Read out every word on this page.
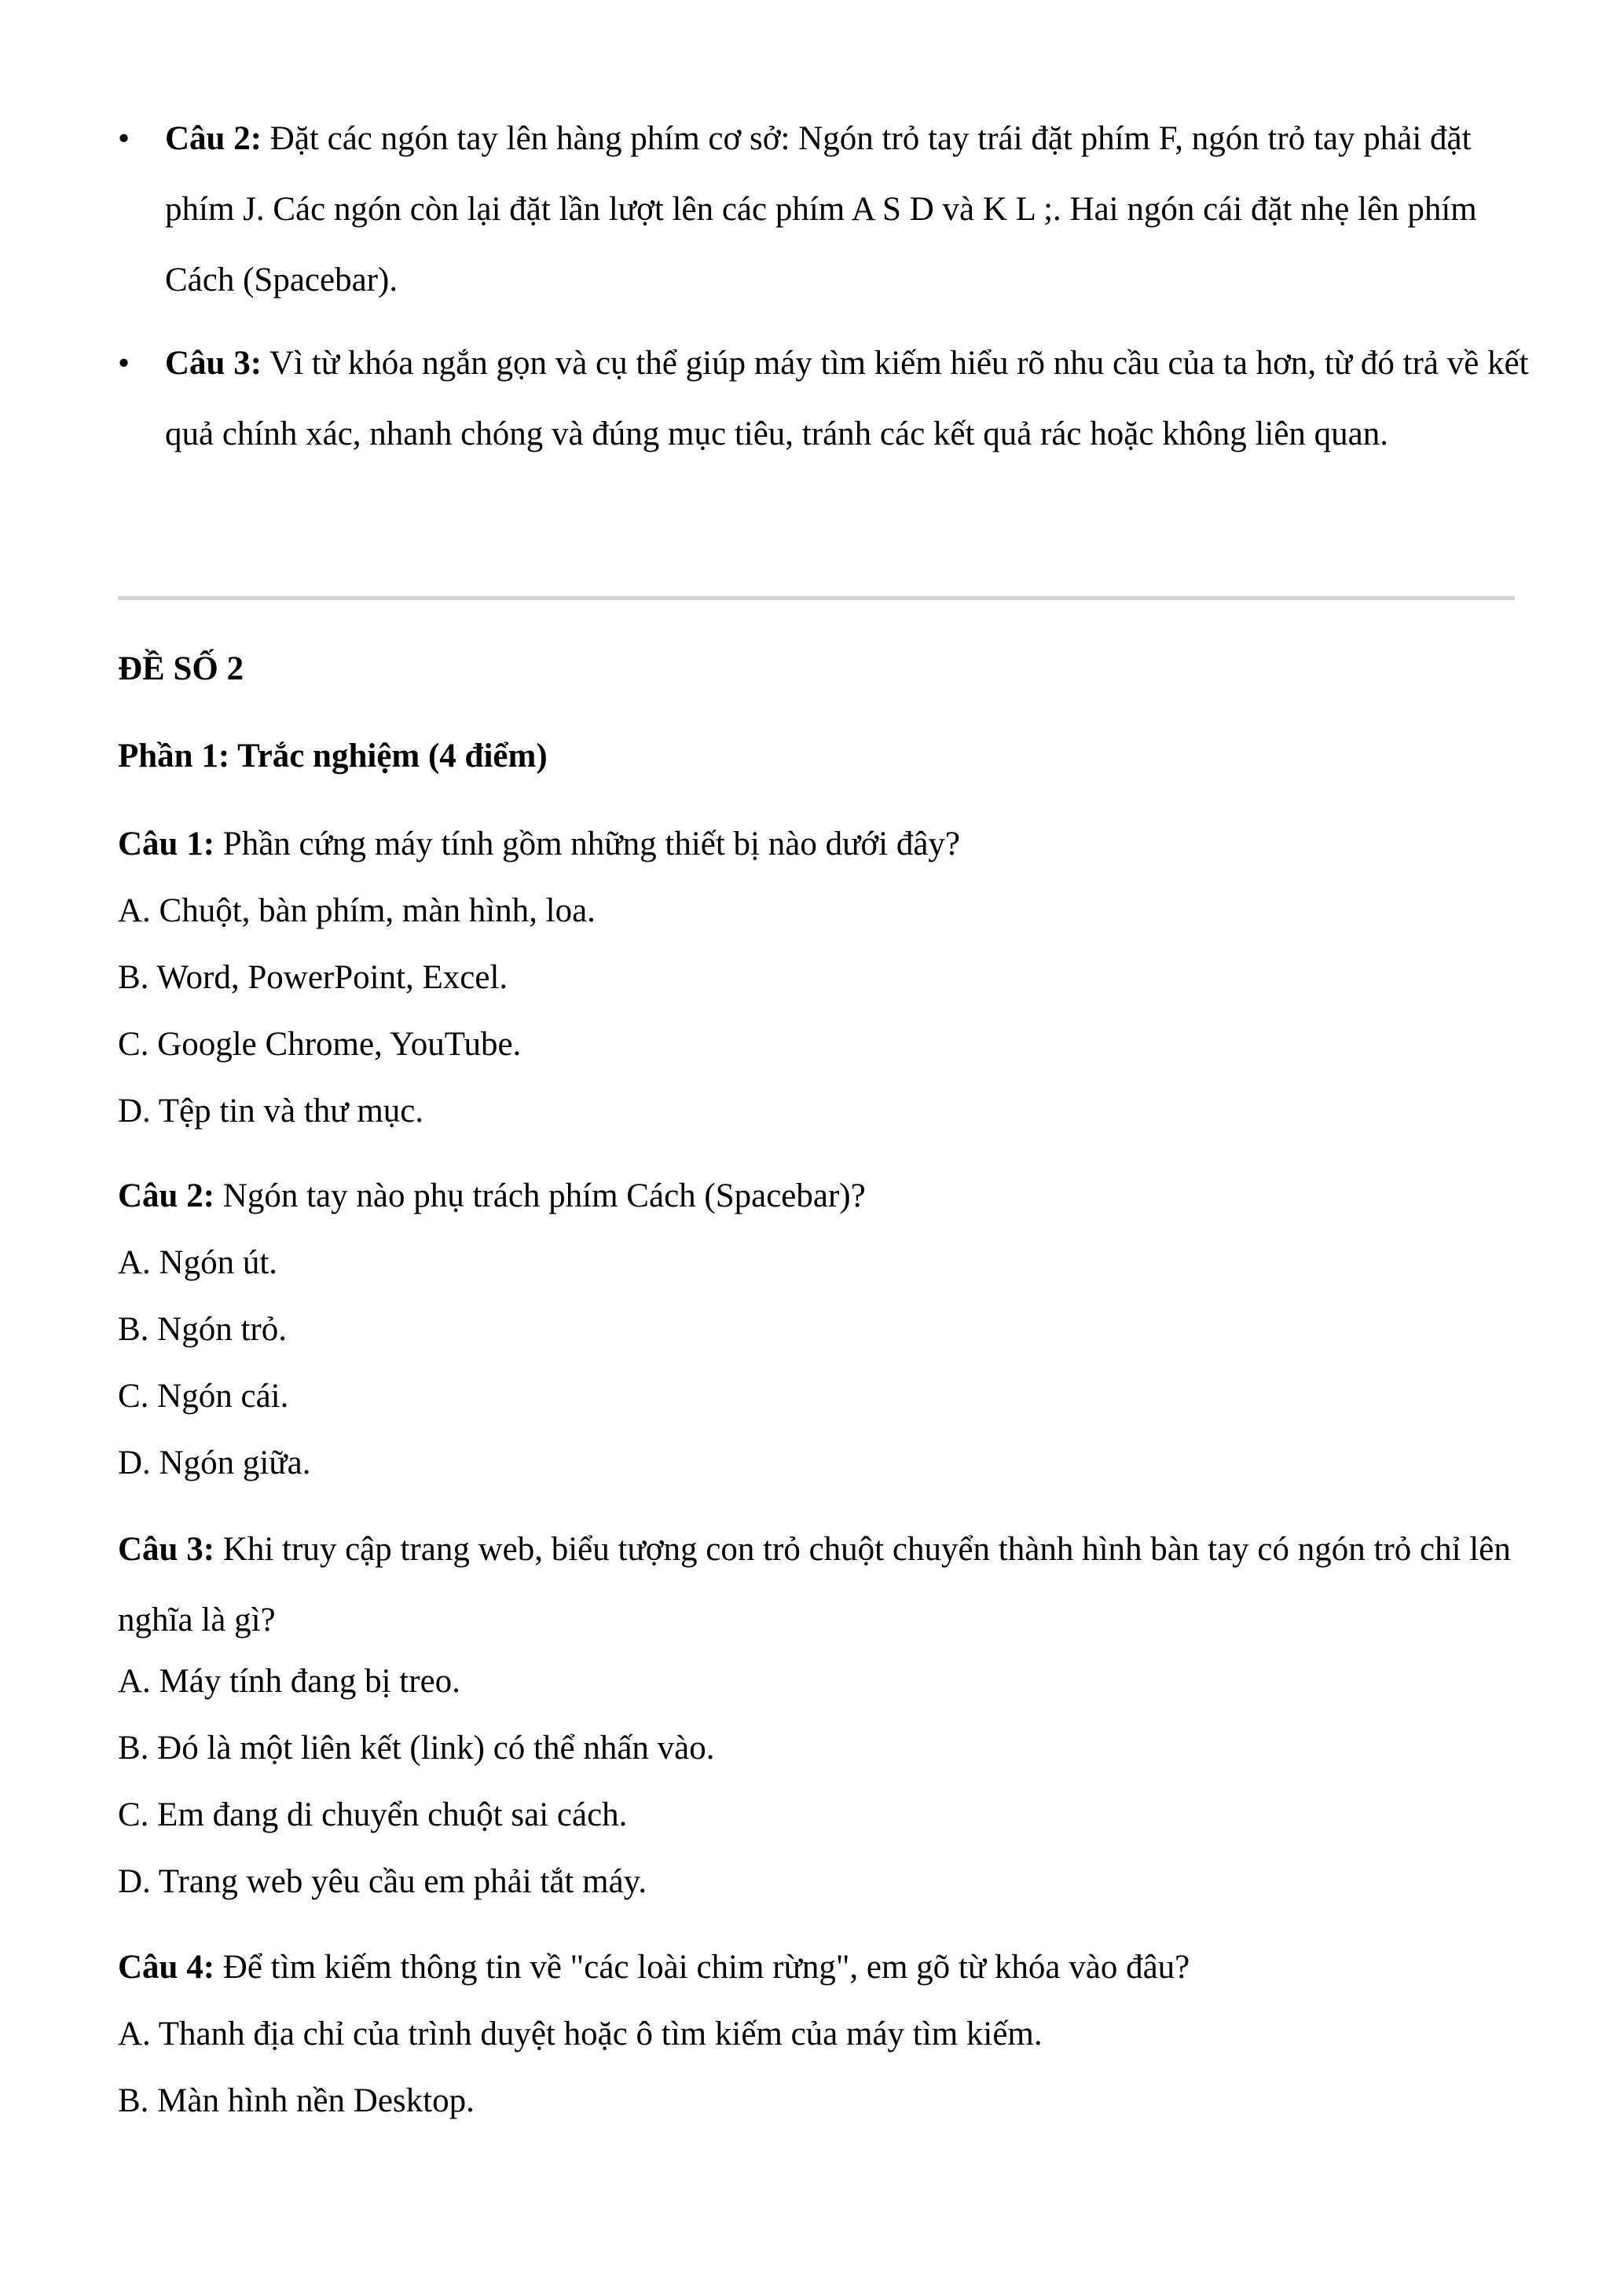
• Câu 2: Đặt các ngón tay lên hàng phím cơ sở: Ngón trỏ tay trái đặt phím F, ngón trỏ tay phải đặt phím J. Các ngón còn lại đặt lần lượt lên các phím A S D và K L ;. Hai ngón cái đặt nhẹ lên phím Cách (Spacebar).
• Câu 3: Vì từ khóa ngắn gọn và cụ thể giúp máy tìm kiếm hiểu rõ nhu cầu của ta hơn, từ đó trả về kết quả chính xác, nhanh chóng và đúng mục tiêu, tránh các kết quả rác hoặc không liên quan.
ĐỀ SỐ 2
Phần 1: Trắc nghiệm (4 điểm)
Câu 1: Phần cứng máy tính gồm những thiết bị nào dưới đây?
A. Chuột, bàn phím, màn hình, loa.
B. Word, PowerPoint, Excel.
C. Google Chrome, YouTube.
D. Tệp tin và thư mục.
Câu 2: Ngón tay nào phụ trách phím Cách (Spacebar)?
A. Ngón út.
B. Ngón trỏ.
C. Ngón cái.
D. Ngón giữa.
Câu 3: Khi truy cập trang web, biểu tượng con trỏ chuột chuyển thành hình bàn tay có ngón trỏ chỉ lên nghĩa là gì?
A. Máy tính đang bị treo.
B. Đó là một liên kết (link) có thể nhấn vào.
C. Em đang di chuyển chuột sai cách.
D. Trang web yêu cầu em phải tắt máy.
Câu 4: Để tìm kiếm thông tin về "các loài chim rừng", em gõ từ khóa vào đâu?
A. Thanh địa chỉ của trình duyệt hoặc ô tìm kiếm của máy tìm kiếm.
B. Màn hình nền Desktop.
